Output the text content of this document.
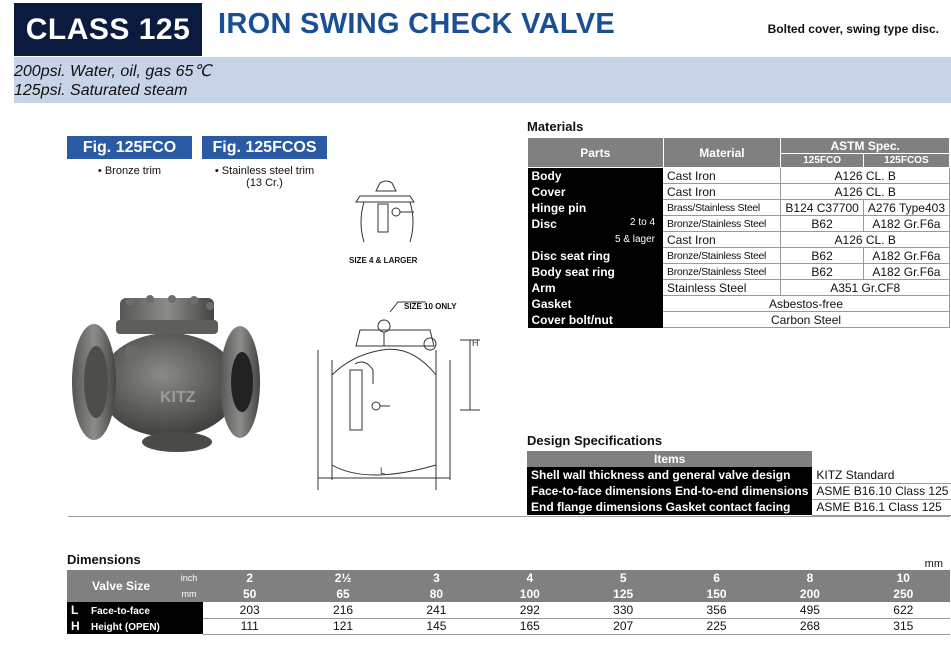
CLASS 125 IRON SWING CHECK VALVE	Bolted cover, swing type disc.
200psi. Water, oil, gas 65℃
125psi. Saturated steam
Fig. 125FCO	Fig. 125FCOS
• Bronze trim	• Stainless steel trim
(13 Cr.)
KITZ
SIZE 4 & LARGER
H
L
SIZE 10 ONLY
Materials
Parts	Material	ASTM Spec.	
		125FCO	125FCOS
Body	Cast Iron	A126 CL. B	
Cover	Cast Iron	A126 CL. B	
Hinge pin	Brass/Stainless Steel	B124 C37700	A276 Type403
Disc 2 to 4	Bronze/Stainless Steel	B62	A182 Gr.F6a

5 & lager	Cast Iron	A126 CL. B	
Disc seat ring	Bronze/Stainless Steel	B62	A182 Gr.F6a
Body seat ring	Bronze/Stainless Steel	B62	A182 Gr.F6a
Arm	Stainless Steel	A351 Gr.CF8	
Gasket	Asbestos-free		
Cover bolt/nut	Carbon Steel		
Design Specifications
Items	
Shell wall thickness and general valve design	KITZ Standard
Face-to-face dimensions End-to-end dimensions	ASME B16.10 Class 125
End flange dimensions Gasket contact facing	ASME B16.1 Class 125
Dimensions	mm
Valve Size	inch	2	2½	3	4	5	6	8	10
	mm	50	65	80	100	125	150	200	250
L Face-to-face		203	216	241	292	330	356	495	622
H Height (OPEN)		111	121	145	165	207	225	268	315
